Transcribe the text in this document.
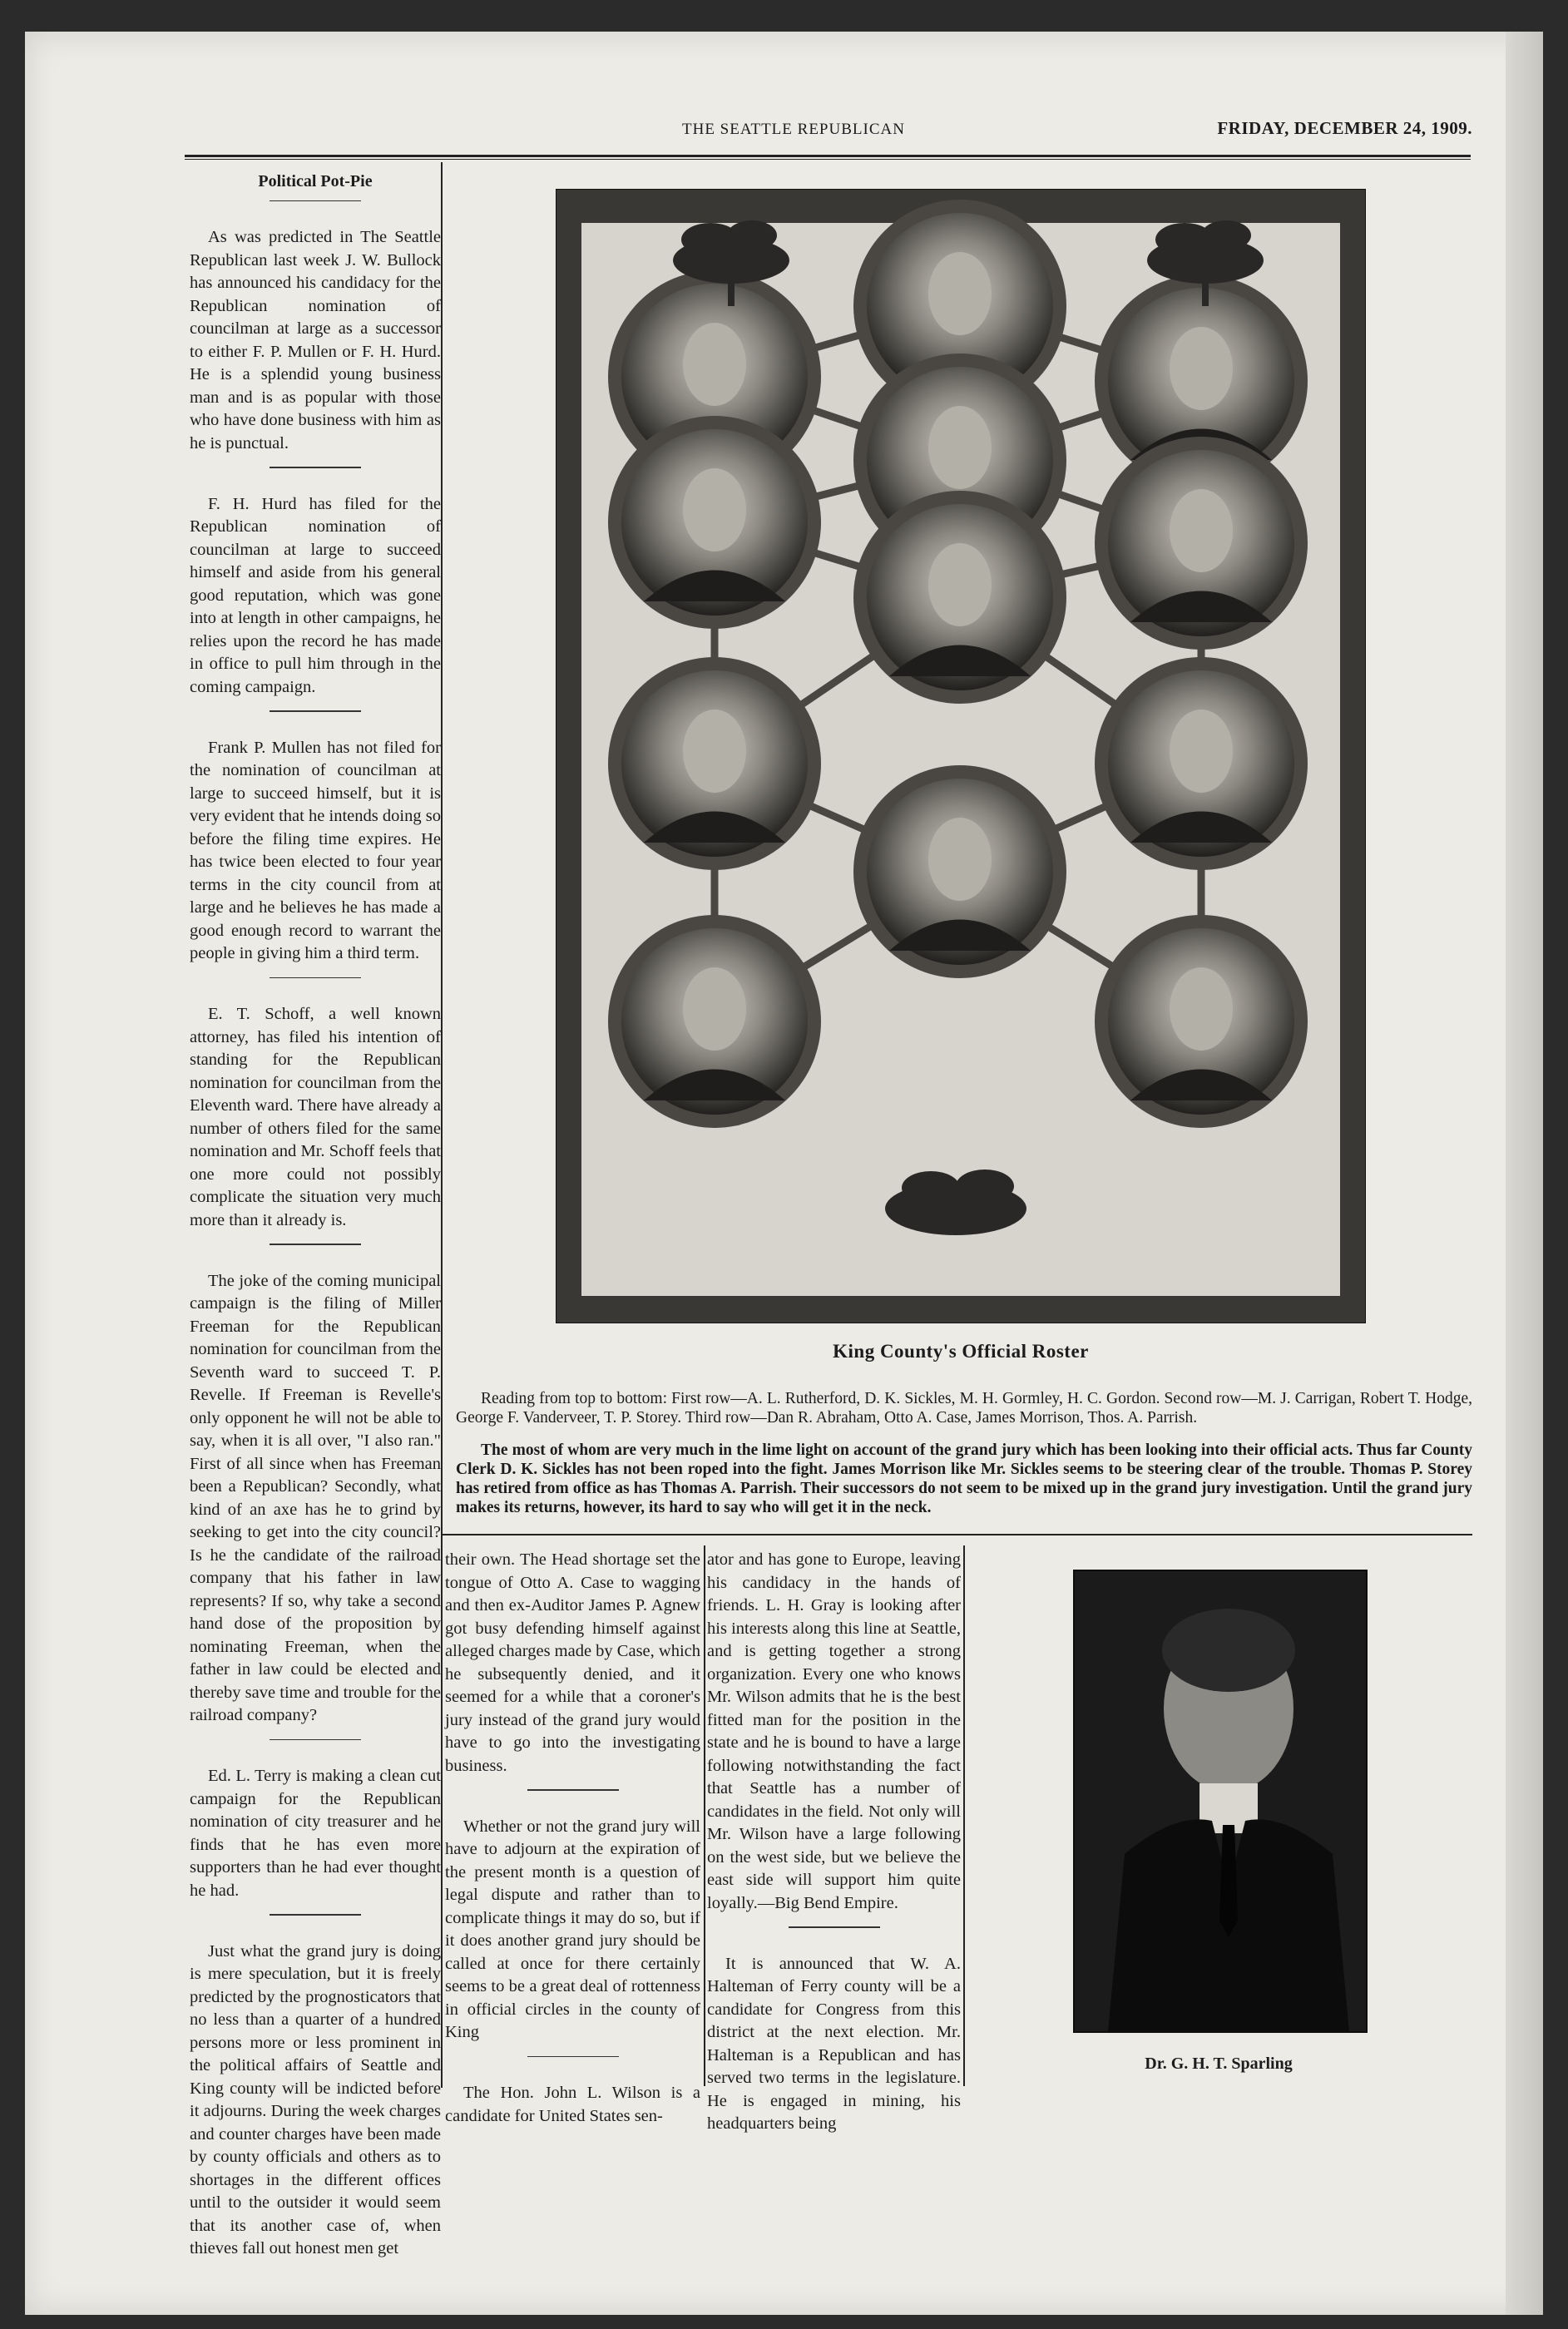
THE SEATTLE REPUBLICAN	FRIDAY, DECEMBER 24, 1909.
Political Pot-Pie

As was predicted in The Seattle Republican last week J. W. Bullock has announced his candidacy for the Republican nomination of councilman at large as a successor to either F. P. Mullen or F. H. Hurd. He is a splendid young business man and is as popular with those who have done business with him as he is punctual.

F. H. Hurd has filed for the Republican nomination of councilman at large to succeed himself and aside from his general good reputation, which was gone into at length in other campaigns, he relies upon the record he has made in office to pull him through in the coming campaign.

Frank P. Mullen has not filed for the nomination of councilman at large to succeed himself, but it is very evident that he intends doing so before the filing time expires. He has twice been elected to four year terms in the city council from at large and he believes he has made a good enough record to warrant the people in giving him a third term.

E. T. Schoff, a well known attorney, has filed his intention of standing for the Republican nomination for councilman from the Eleventh ward. There have already a number of others filed for the same nomination and Mr. Schoff feels that one more could not possibly complicate the situation very much more than it already is.

The joke of the coming municipal campaign is the filing of Miller Freeman for the Republican nomination for councilman from the Seventh ward to succeed T. P. Revelle. If Freeman is Revelle's only opponent he will not be able to say, when it is all over, "I also ran." First of all since when has Freeman been a Republican? Secondly, what kind of an axe has he to grind by seeking to get into the city council? Is he the candidate of the railroad company that his father in law represents? If so, why take a second hand dose of the proposition by nominating Freeman, when the father in law could be elected and thereby save time and trouble for the railroad company?

Ed. L. Terry is making a clean cut campaign for the Republican nomination of city treasurer and he finds that he has even more supporters than he had ever thought he had.

Just what the grand jury is doing is mere speculation, but it is freely predicted by the prognosticators that no less than a quarter of a hundred persons more or less prominent in the political affairs of Seattle and King county will be indicted before it adjourns. During the week charges and counter charges have been made by county officials and others as to shortages in the different offices until to the outsider it would seem that its another case of, when thieves fall out honest men get

King County's Official Roster
Reading from top to bottom: First row—A. L. Rutherford, D. K. Sickles, M. H. Gormley, H. C. Gordon. Second row—M. J. Carrigan, Robert T. Hodge, George F. Vanderveer, T. P. Storey. Third row—Dan R. Abraham, Otto A. Case, James Morrison, Thos. A. Parrish.
The most of whom are very much in the lime light on account of the grand jury which has been looking into their official acts. Thus far County Clerk D. K. Sickles has not been roped into the fight. James Morrison like Mr. Sickles seems to be steering clear of the trouble. Thomas P. Storey has retired from office as has Thomas A. Parrish. Their successors do not seem to be mixed up in the grand jury investigation. Until the grand jury makes its returns, however, its hard to say who will get it in the neck.

their own. The Head shortage set the tongue of Otto A. Case to wagging and then ex-Auditor James P. Agnew got busy defending himself against alleged charges made by Case, which he subsequently denied, and it seemed for a while that a coroner's jury instead of the grand jury would have to go into the investigating business.

Whether or not the grand jury will have to adjourn at the expiration of the present month is a question of legal dispute and rather than to complicate things it may do so, but if it does another grand jury should be called at once for there certainly seems to be a great deal of rottenness in official circles in the county of King

The Hon. John L. Wilson is a candidate for United States sen-

ator and has gone to Europe, leaving his candidacy in the hands of friends. L. H. Gray is looking after his interests along this line at Seattle, and is getting together a strong organization. Every one who knows Mr. Wilson admits that he is the best fitted man for the position in the state and he is bound to have a large following notwithstanding the fact that Seattle has a number of candidates in the field. Not only will Mr. Wilson have a large following on the west side, but we believe the east side will support him quite loyally.—Big Bend Empire.

It is announced that W. A. Halteman of Ferry county will be a candidate for Congress from this district at the next election. Mr. Halteman is a Republican and has served two terms in the legislature. He is engaged in mining, his headquarters being

Dr. G. H. T. Sparling
